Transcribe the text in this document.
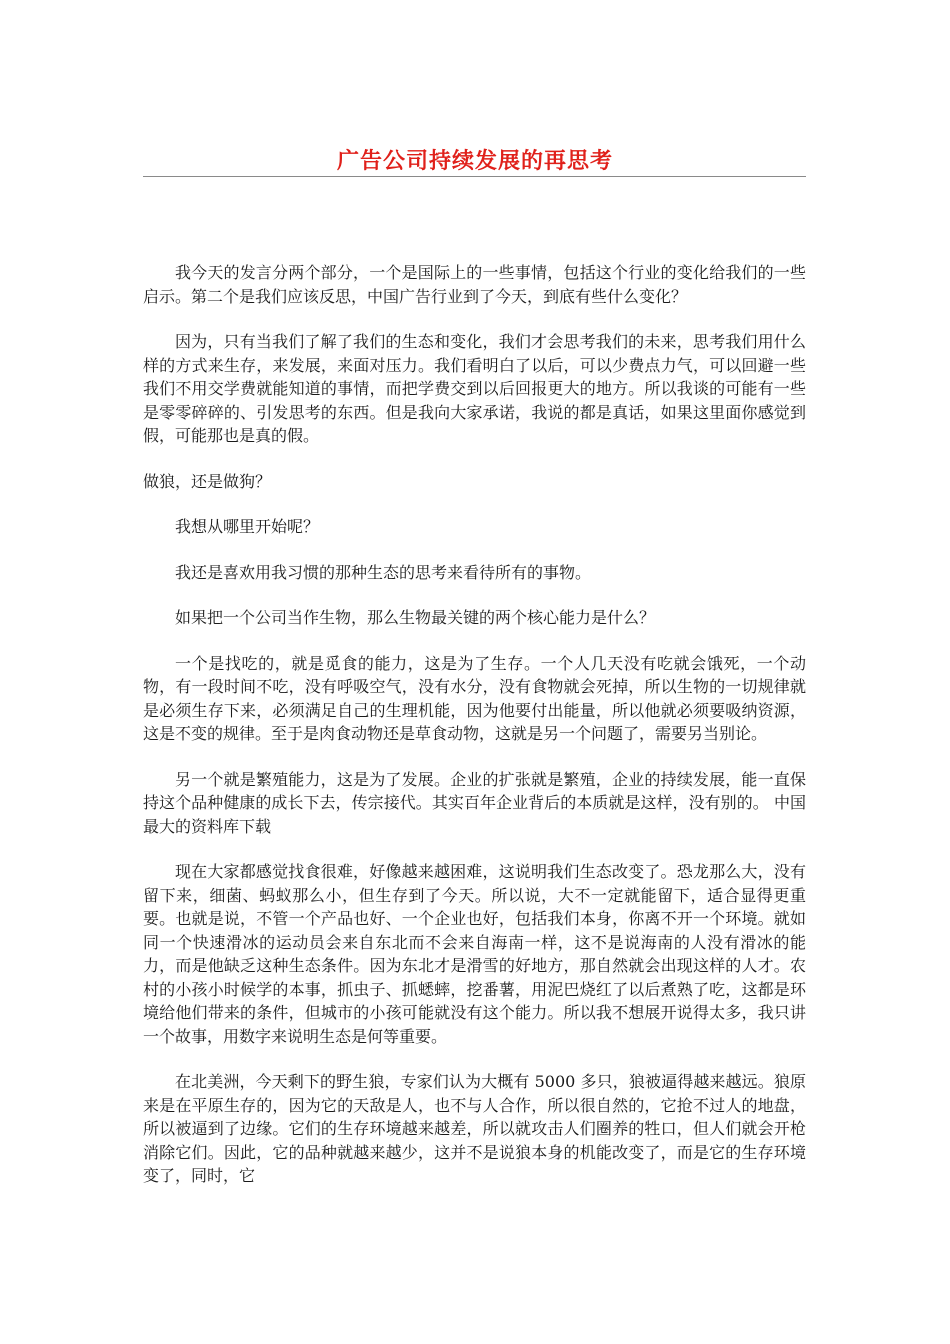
广告公司持续发展的再思考

我今天的发言分两个部分，一个是国际上的一些事情，包括这个行业的变化给我们的一些启示。第二个是我们应该反思，中国广告行业到了今天，到底有些什么变化？

因为，只有当我们了解了我们的生态和变化，我们才会思考我们的未来，思考我们用什么样的方式来生存，来发展，来面对压力。我们看明白了以后，可以少费点力气，可以回避一些我们不用交学费就能知道的事情，而把学费交到以后回报更大的地方。所以我谈的可能有一些是零零碎碎的、引发思考的东西。但是我向大家承诺，我说的都是真话，如果这里面你感觉到假，可能那也是真的假。

做狼，还是做狗？

我想从哪里开始呢？

我还是喜欢用我习惯的那种生态的思考来看待所有的事物。

如果把一个公司当作生物，那么生物最关键的两个核心能力是什么？

一个是找吃的，就是觅食的能力，这是为了生存。一个人几天没有吃就会饿死，一个动物，有一段时间不吃，没有呼吸空气，没有水分，没有食物就会死掉，所以生物的一切规律就是必须生存下来，必须满足自己的生理机能，因为他要付出能量，所以他就必须要吸纳资源，这是不变的规律。至于是肉食动物还是草食动物，这就是另一个问题了，需要另当别论。

另一个就是繁殖能力，这是为了发展。企业的扩张就是繁殖，企业的持续发展，能一直保持这个品种健康的成长下去，传宗接代。其实百年企业背后的本质就是这样，没有别的。 中国最大的资料库下载

现在大家都感觉找食很难，好像越来越困难，这说明我们生态改变了。恐龙那么大，没有留下来，细菌、蚂蚁那么小，但生存到了今天。所以说，大不一定就能留下，适合显得更重要。也就是说，不管一个产品也好、一个企业也好，包括我们本身，你离不开一个环境。就如同一个快速滑冰的运动员会来自东北而不会来自海南一样，这不是说海南的人没有滑冰的能力，而是他缺乏这种生态条件。因为东北才是滑雪的好地方，那自然就会出现这样的人才。农村的小孩小时候学的本事，抓虫子、抓蟋蟀，挖番薯，用泥巴烧红了以后煮熟了吃，这都是环境给他们带来的条件，但城市的小孩可能就没有这个能力。所以我不想展开说得太多，我只讲一个故事，用数字来说明生态是何等重要。

在北美洲，今天剩下的野生狼，专家们认为大概有 5000 多只，狼被逼得越来越远。狼原来是在平原生存的，因为它的天敌是人，也不与人合作，所以很自然的，它抢不过人的地盘，所以被逼到了边缘。它们的生存环境越来越差，所以就攻击人们圈养的牲口，但人们就会开枪消除它们。因此，它的品种就越来越少，这并不是说狼本身的机能改变了，而是它的生存环境变了，同时，它
